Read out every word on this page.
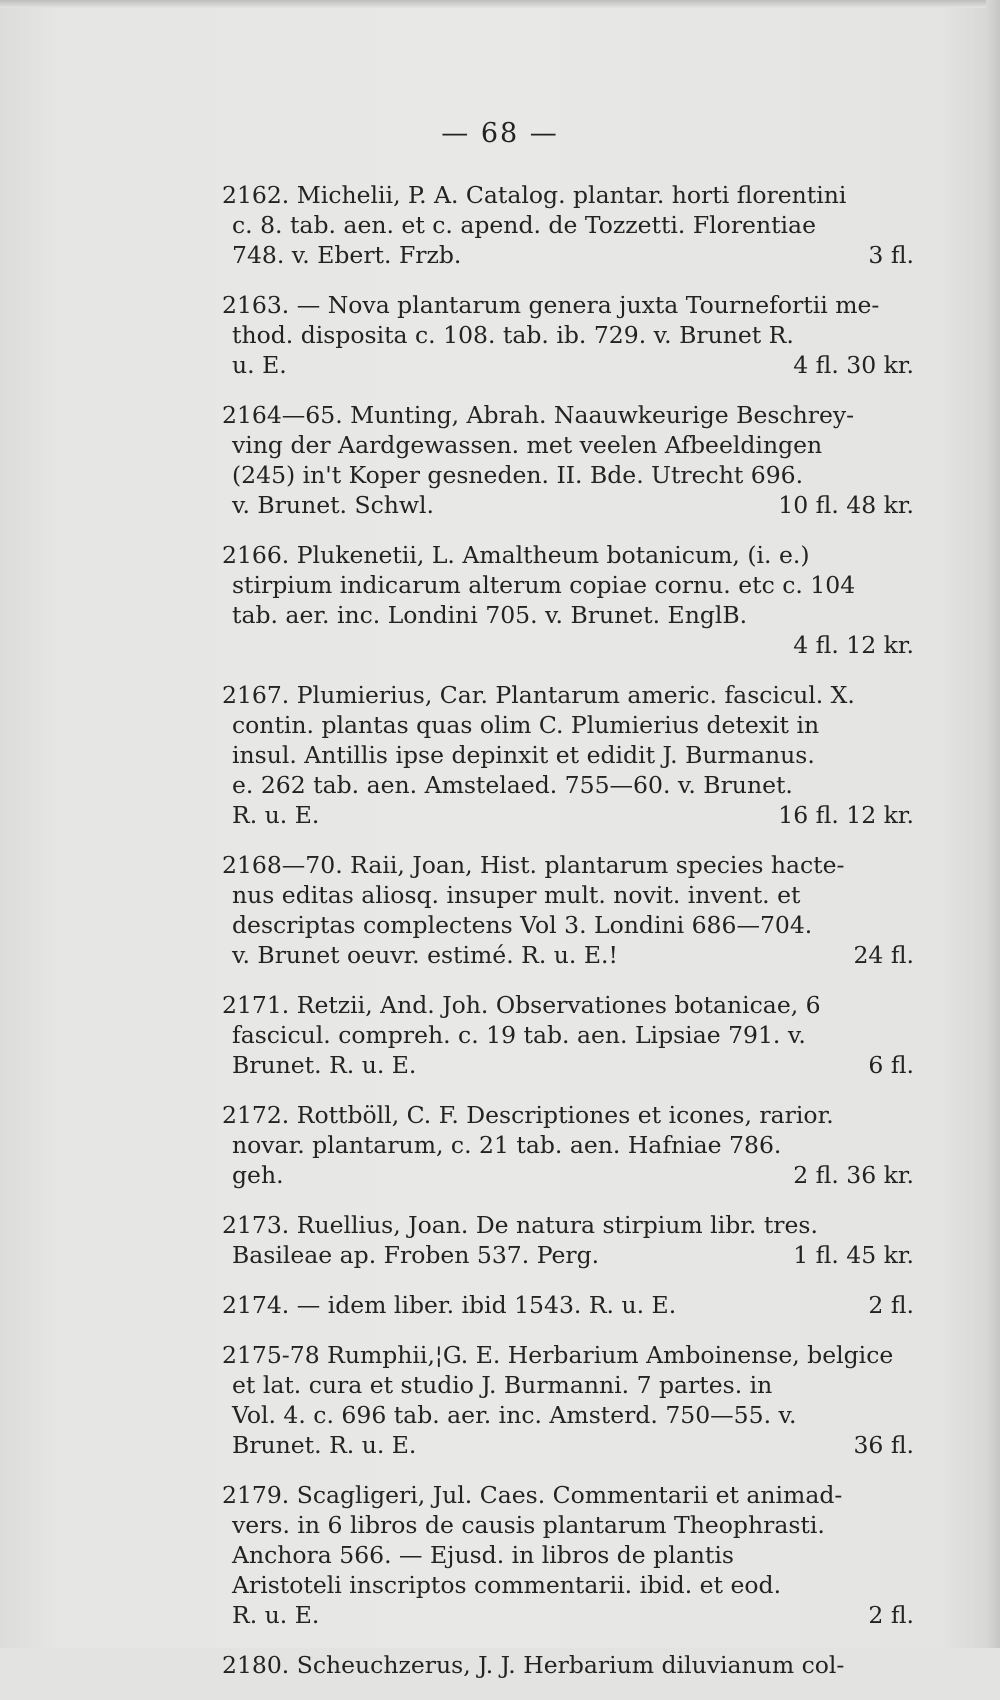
— 68 —
2162. Michelii, P. A. Catalog. plantar. horti florentini
c. 8. tab. aen. et c. apend. de Tozzetti. Florentiae
748. v. Ebert. Frzb.	3 fl.
2163. — Nova plantarum genera juxta Tournefortii me-
thod. disposita c. 108. tab. ib. 729. v. Brunet R.
u. E.	4 fl. 30 kr.
2164—65. Munting, Abrah. Naauwkeurige Beschrey-
ving der Aardgewassen. met veelen Afbeeldingen
(245) in't Koper gesneden. II. Bde. Utrecht 696.
v. Brunet. Schwl.	10 fl. 48 kr.
2166. Plukenetii, L. Amaltheum botanicum, (i. e.)
stirpium indicarum alterum copiae cornu. etc c. 104
tab. aer. inc. Londini 705. v. Brunet. EnglB.
4 fl. 12 kr.
2167. Plumierius, Car. Plantarum americ. fascicul. X.
contin. plantas quas olim C. Plumierius detexit in
insul. Antillis ipse depinxit et edidit J. Burmanus.
e. 262 tab. aen. Amstelaed. 755—60. v. Brunet.
R. u. E.	16 fl. 12 kr.
2168—70. Raii, Joan, Hist. plantarum species hacte-
nus editas aliosq. insuper mult. novit. invent. et
descriptas complectens Vol 3. Londini 686—704.
v. Brunet oeuvr. estimé. R. u. E.!	24 fl.
2171. Retzii, And. Joh. Observationes botanicae, 6
fascicul. compreh. c. 19 tab. aen. Lipsiae 791. v.
Brunet. R. u. E.	6 fl.
2172. Rottböll, C. F. Descriptiones et icones, rarior.
novar. plantarum, c. 21 tab. aen. Hafniae 786.
geh.	2 fl. 36 kr.
2173. Ruellius, Joan. De natura stirpium libr. tres.
Basileae ap. Froben 537. Perg.	1 fl. 45 kr.
2174. — idem liber. ibid 1543. R. u. E.	2 fl.
2175-78 Rumphii,¦G. E. Herbarium Amboinense, belgice
et lat. cura et studio J. Burmanni. 7 partes. in
Vol. 4. c. 696 tab. aer. inc. Amsterd. 750—55. v.
Brunet. R. u. E.	36 fl.
2179. Scagligeri, Jul. Caes. Commentarii et animad-
vers. in 6 libros de causis plantarum Theophrasti.
Anchora 566. — Ejusd. in libros de plantis
Aristoteli inscriptos commentarii. ibid. et eod.
R. u. E.	2 fl.
2180. Scheuchzerus, J. J. Herbarium diluvianum col-
